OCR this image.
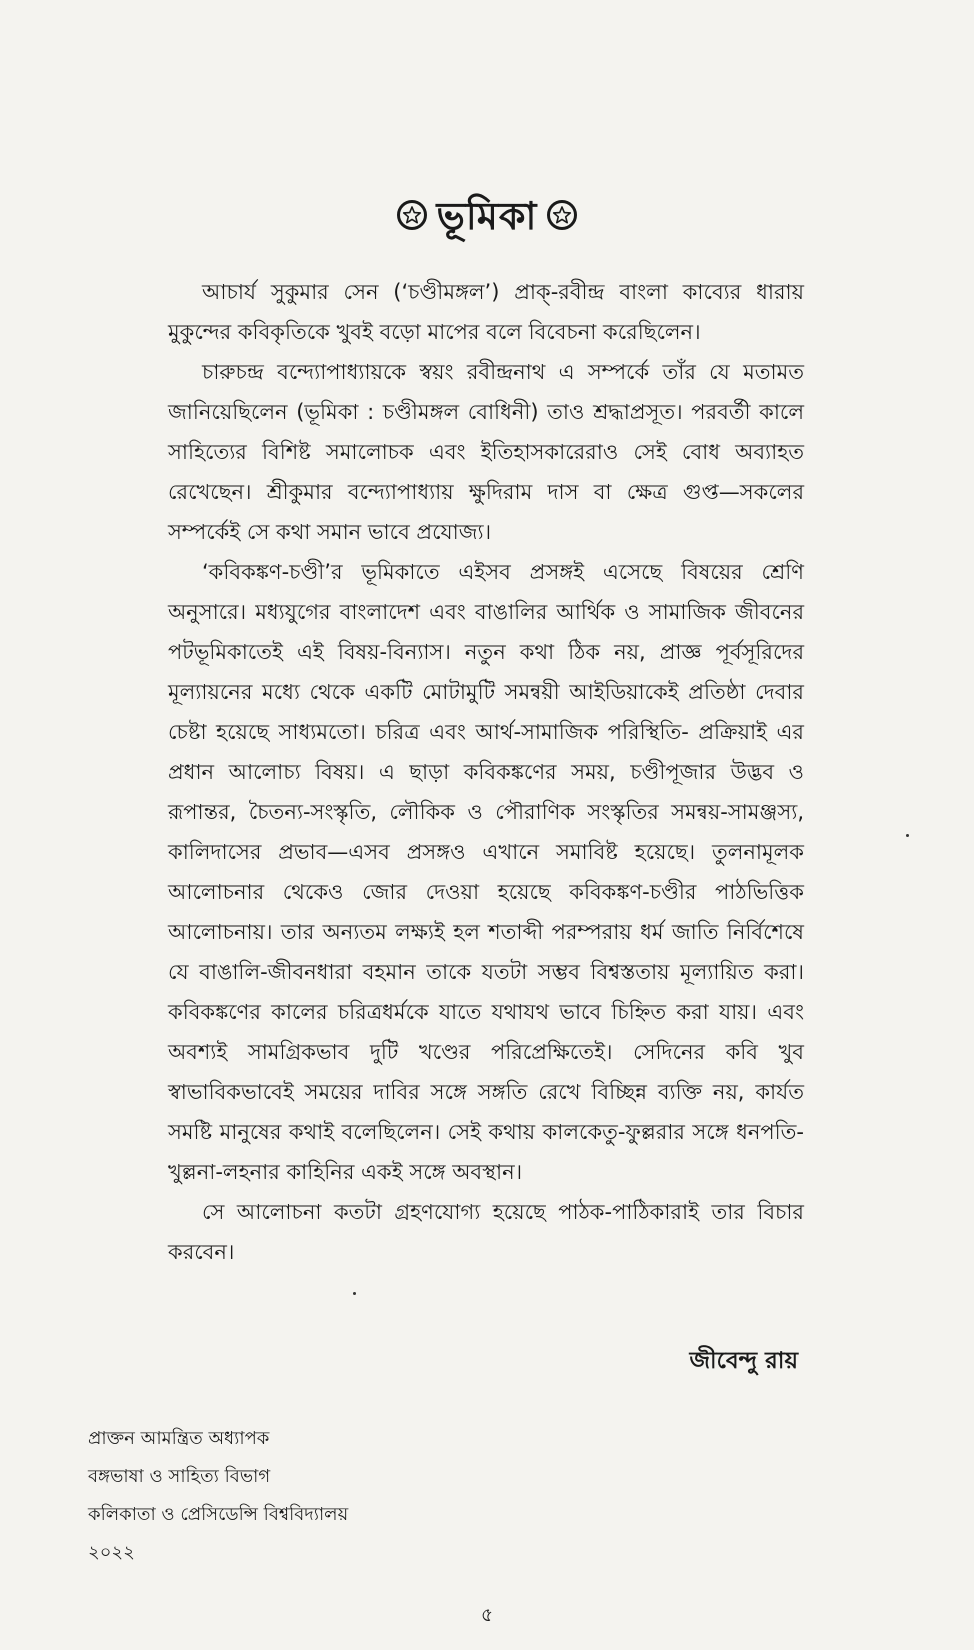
ভূমিকা

আচার্য সুকুমার সেন (‘চণ্ডীমঙ্গল’) প্রাক্-রবীন্দ্র বাংলা কাব্যের ধারায় মুকুন্দের কবিকৃতিকে খুবই বড়ো মাপের বলে বিবেচনা করেছিলেন।

চারুচন্দ্র বন্দ্যোপাধ্যায়কে স্বয়ং রবীন্দ্রনাথ এ সম্পর্কে তাঁর যে মতামত জানিয়েছিলেন (ভূমিকা : চণ্ডীমঙ্গল বোধিনী) তাও শ্রদ্ধাপ্রসূত। পরবর্তী কালে সাহিত্যের বিশিষ্ট সমালোচক এবং ইতিহাসকারেরাও সেই বোধ অব্যাহত রেখেছেন। শ্রীকুমার বন্দ্যোপাধ্যায় ক্ষুদিরাম দাস বা ক্ষেত্র গুপ্ত—সকলের সম্পর্কেই সে কথা সমান ভাবে প্রযোজ্য।

‘কবিকঙ্কণ-চণ্ডী’র ভূমিকাতে এইসব প্রসঙ্গই এসেছে বিষয়ের শ্রেণি অনুসারে। মধ্যযুগের বাংলাদেশ এবং বাঙালির আর্থিক ও সামাজিক জীবনের পটভূমিকাতেই এই বিষয়-বিন্যাস। নতুন কথা ঠিক নয়, প্রাজ্ঞ পূর্বসূরিদের মূল্যায়নের মধ্যে থেকে একটি মোটামুটি সমন্বয়ী আইডিয়াকেই প্রতিষ্ঠা দেবার চেষ্টা হয়েছে সাধ্যমতো। চরিত্র এবং আর্থ-সামাজিক পরিস্থিতি- প্রক্রিয়াই এর প্রধান আলোচ্য বিষয়। এ ছাড়া কবিকঙ্কণের সময়, চণ্ডীপূজার উদ্ভব ও রূপান্তর, চৈতন্য-সংস্কৃতি, লৌকিক ও পৌরাণিক সংস্কৃতির সমন্বয়-সামঞ্জস্য, কালিদাসের প্রভাব—এসব প্রসঙ্গও এখানে সমাবিষ্ট হয়েছে। তুলনামূলক আলোচনার থেকেও জোর দেওয়া হয়েছে কবিকঙ্কণ-চণ্ডীর পাঠভিত্তিক আলোচনায়। তার অন্যতম লক্ষ্যই হল শতাব্দী পরম্পরায় ধর্ম জাতি নির্বিশেষে যে বাঙালি-জীবনধারা বহমান তাকে যতটা সম্ভব বিশ্বস্ততায় মূল্যায়িত করা। কবিকঙ্কণের কালের চরিত্রধর্মকে যাতে যথাযথ ভাবে চিহ্নিত করা যায়। এবং অবশ্যই সামগ্রিকভাব দুটি খণ্ডের পরিপ্রেক্ষিতেই। সেদিনের কবি খুব স্বাভাবিকভাবেই সময়ের দাবির সঙ্গে সঙ্গতি রেখে বিচ্ছিন্ন ব্যক্তি নয়, কার্যত সমষ্টি মানুষের কথাই বলেছিলেন। সেই কথায় কালকেতু-ফুল্লরার সঙ্গে ধনপতি-খুল্লনা-লহনার কাহিনির একই সঙ্গে অবস্থান।

সে আলোচনা কতটা গ্রহণযোগ্য হয়েছে পাঠক-পাঠিকারাই তার বিচার করবেন।

জীবেন্দু রায়
প্রাক্তন আমন্ত্রিত অধ্যাপক
বঙ্গভাষা ও সাহিত্য বিভাগ
কলিকাতা ও প্রেসিডেন্সি বিশ্ববিদ্যালয়
২০২২
৫
